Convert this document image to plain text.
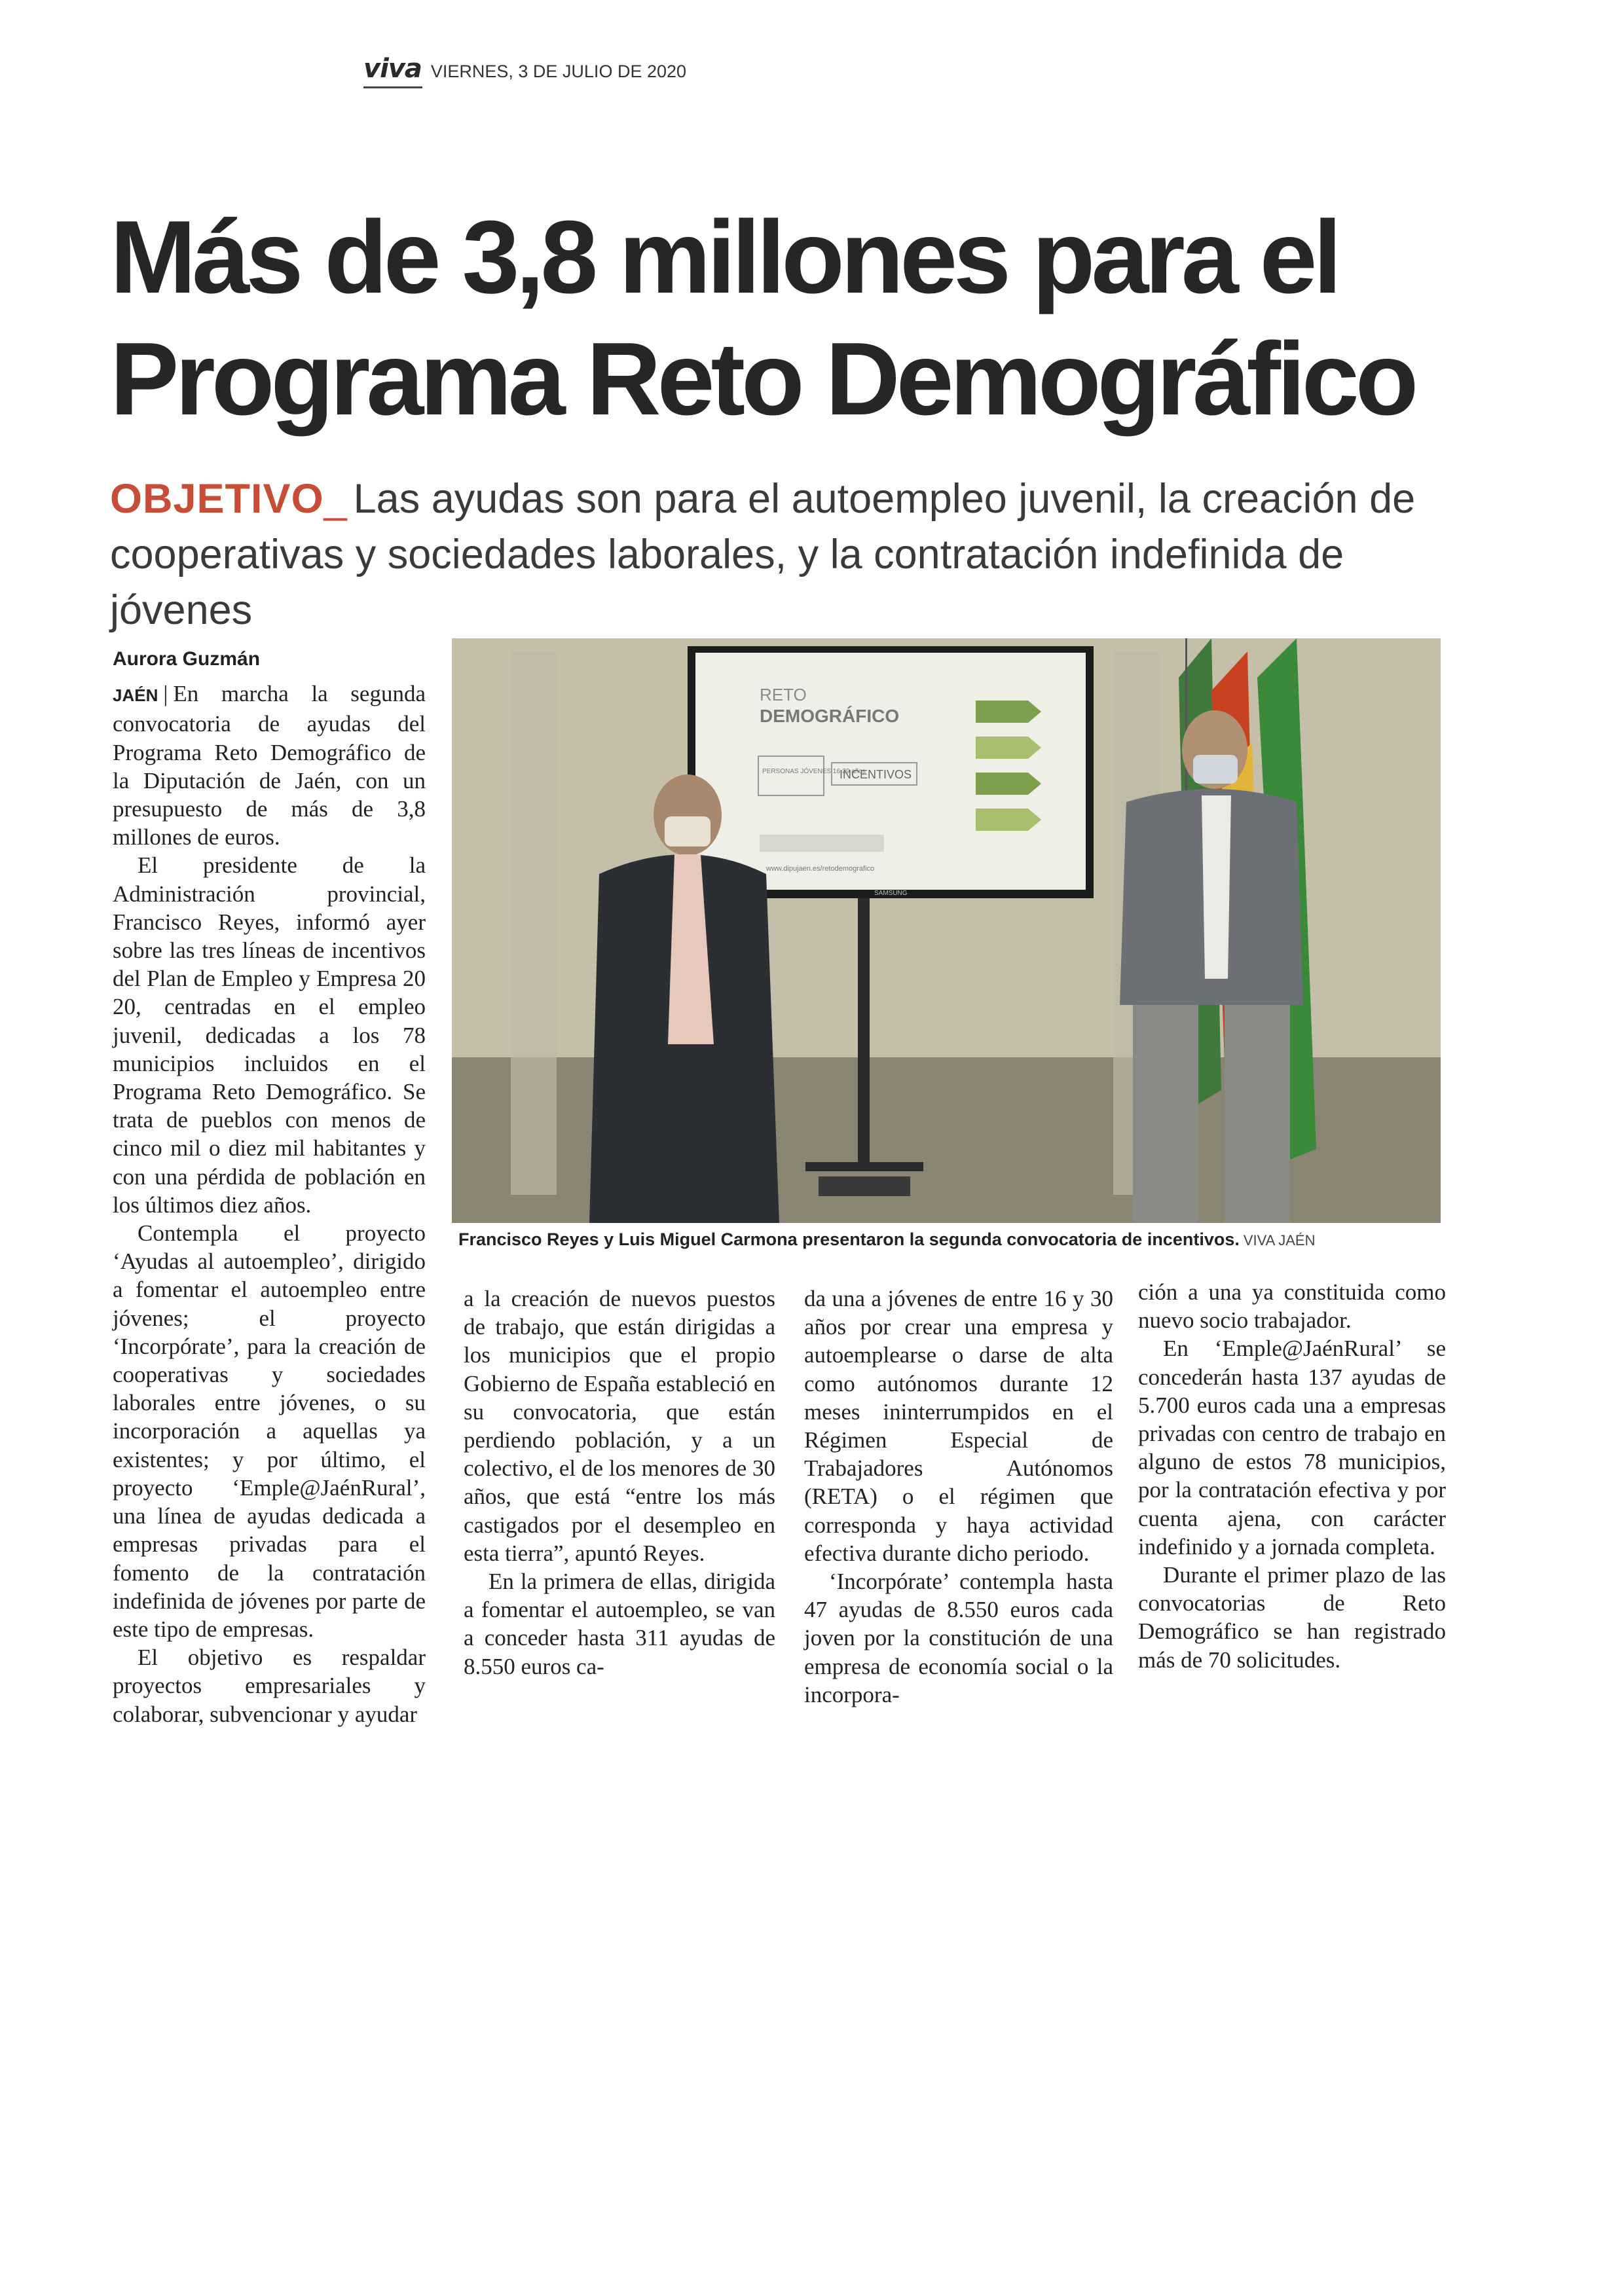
viva VIERNES, 3 DE JULIO DE 2020
Más de 3,8 millones para el Programa Reto Demográfico
OBJETIVO_ Las ayudas son para el autoempleo juvenil, la creación de cooperativas y sociedades laborales, y la contratación indefinida de jóvenes
Aurora Guzmán

JAÉN | En marcha la segunda convocatoria de ayudas del Programa Reto Demográfico de la Diputación de Jaén, con un presupuesto de más de 3,8 millones de euros.

El presidente de la Administración provincial, Francisco Reyes, informó ayer sobre las tres líneas de incentivos del Plan de Empleo y Empresa 20 20, centradas en el empleo juvenil, dedicadas a los 78 municipios incluidos en el Programa Reto Demográfico. Se trata de pueblos con menos de cinco mil o diez mil habitantes y con una pérdida de población en los últimos diez años.

Contempla el proyecto ‘Ayudas al autoempleo’, dirigido a fomentar el autoempleo entre jóvenes; el proyecto ‘Incorpórate’, para la creación de cooperativas y sociedades laborales entre jóvenes, o su incorporación a aquellas ya existentes; y por último, el proyecto ‘Emple@JaénRural’, una línea de ayudas dedicada a empresas privadas para el fomento de la contratación indefinida de jóvenes por parte de este tipo de empresas.

El objetivo es respaldar proyectos empresariales y colaborar, subvencionar y ayudar

RETO
DEMOGRÁFICO
PERSONAS JÓVENES 16-29 años
INCENTIVOS
www.dipujaen.es/retodemografico
SAMSUNG
Francisco Reyes y Luis Miguel Carmona presentaron la segunda convocatoria de incentivos. VIVA JAÉN

a la creación de nuevos puestos de trabajo, que están dirigidas a los municipios que el propio Gobierno de España estableció en su convocatoria, que están perdiendo población, y a un colectivo, el de los menores de 30 años, que está “entre los más castigados por el desempleo en esta tierra”, apuntó Reyes.

En la primera de ellas, dirigida a fomentar el autoempleo, se van a conceder hasta 311 ayudas de 8.550 euros ca-

da una a jóvenes de entre 16 y 30 años por crear una empresa y autoemplearse o darse de alta como autónomos durante 12 meses ininterrumpidos en el Régimen Especial de Trabajadores Autónomos (RETA) o el régimen que corresponda y haya actividad efectiva durante dicho periodo.

‘Incorpórate’ contempla hasta 47 ayudas de 8.550 euros cada joven por la constitución de una empresa de economía social o la incorpora-

ción a una ya constituida como nuevo socio trabajador.

En ‘Emple@JaénRural’ se concederán hasta 137 ayudas de 5.700 euros cada una a empresas privadas con centro de trabajo en alguno de estos 78 municipios, por la contratación efectiva y por cuenta ajena, con carácter indefinido y a jornada completa.

Durante el primer plazo de las convocatorias de Reto Demográfico se han registrado más de 70 solicitudes.
